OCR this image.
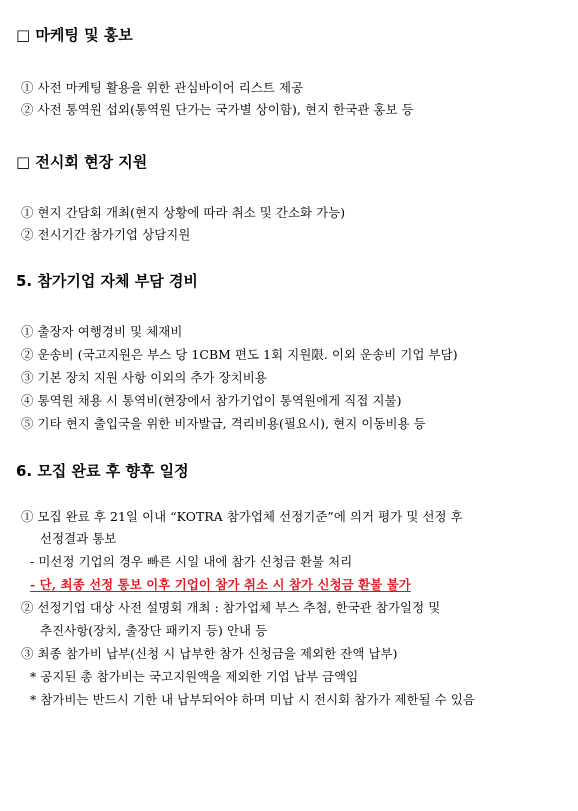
□ 마케팅 및 홍보
① 사전 마케팅 활용을 위한 관심바이어 리스트 제공
② 사전 통역원 섭외(통역원 단가는 국가별 상이함), 현지 한국관 홍보 등
□ 전시회 현장 지원
① 현지 간담회 개최(현지 상황에 따라 취소 및 간소화 가능)
② 전시기간 참가기업 상담지원
5. 참가기업 자체 부담 경비
① 출장자 여행경비 및 체재비
② 운송비 (국고지원은 부스 당 1CBM 편도 1회 지원限. 이외 운송비 기업 부담)
③ 기본 장치 지원 사항 이외의 추가 장치비용
④ 통역원 채용 시 통역비(현장에서 참가기업이 통역원에게 직접 지불)
⑤ 기타 현지 출입국을 위한 비자발급, 격리비용(필요시), 현지 이동비용 등
6. 모집 완료 후 향후 일정
① 모집 완료 후 21일 이내 “KOTRA 참가업체 선정기준”에 의거 평가 및 선정 후
선정결과 통보
- 미선정 기업의 경우 빠른 시일 내에 참가 신청금 환불 처리
- 단, 최종 선정 통보 이후 기업이 참가 취소 시 참가 신청금 환불 불가
② 선정기업 대상 사전 설명회 개최 : 참가업체 부스 추첨, 한국관 참가일정 및
추진사항(장치, 출장단 패키지 등) 안내 등
③ 최종 참가비 납부(신청 시 납부한 참가 신청금을 제외한 잔액 납부)
* 공지된 총 참가비는 국고지원액을 제외한 기업 납부 금액임
* 참가비는 반드시 기한 내 납부되어야 하며 미납 시 전시회 참가가 제한될 수 있음
